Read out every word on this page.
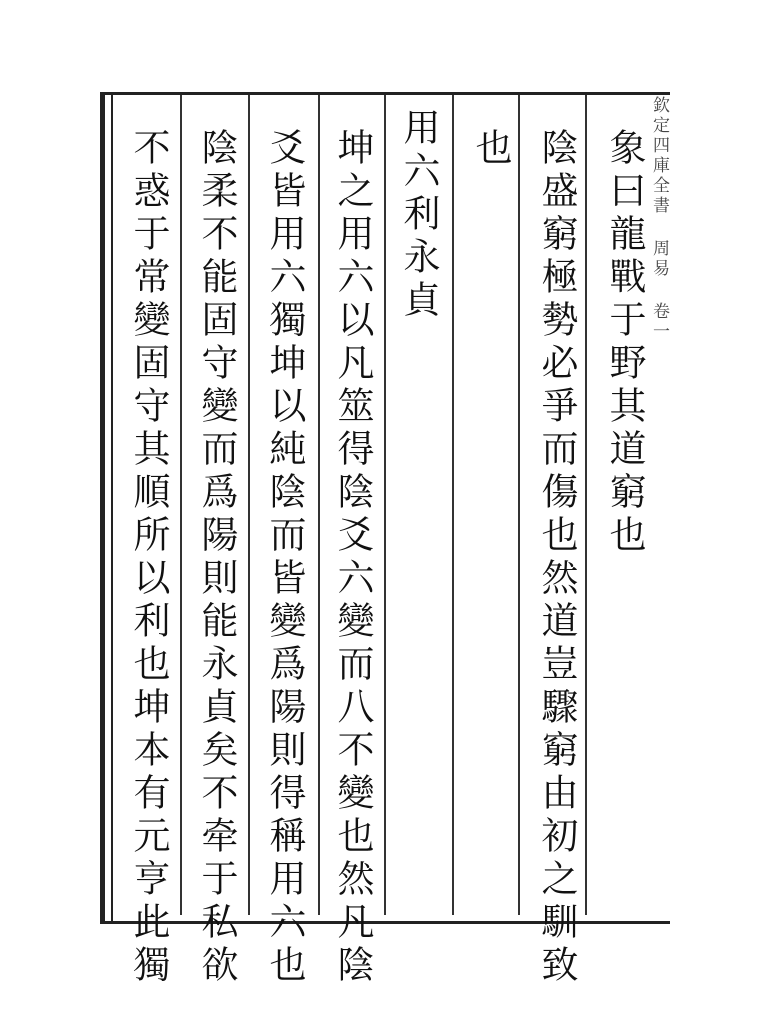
欽定四庫全書 周易 卷一
象曰龍戰于野其道窮也
陰盛窮極勢必爭而傷也然道豈驟窮由初之馴致
也
用六利永貞
坤之用六以凡筮得陰爻六變而八不變也然凡陰
爻皆用六獨坤以純陰而皆變爲陽則得稱用六也
陰柔不能固守變而爲陽則能永貞矣不牵于私欲
不惑于常變固守其順所以利也坤本有元亨此獨
